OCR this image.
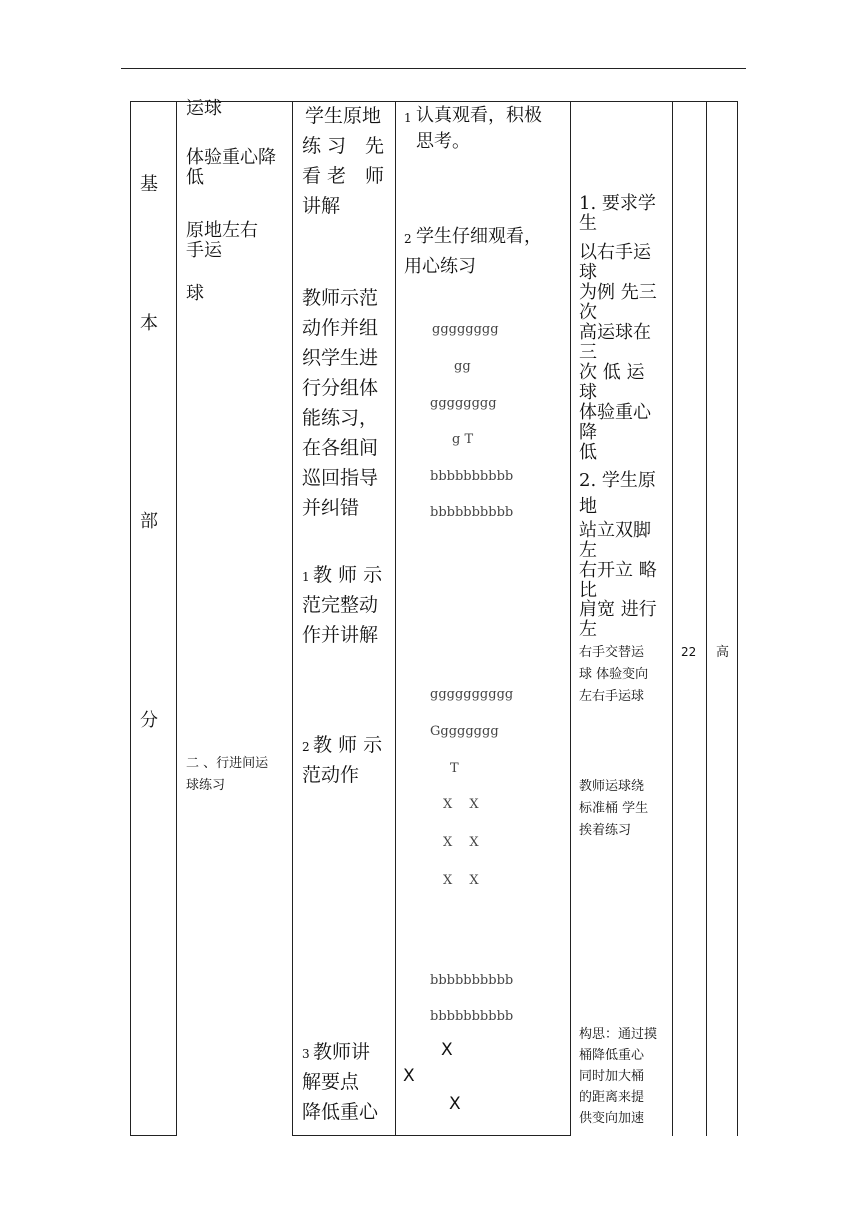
基
本
部
分
运球
体验重心降
低
原地左右
手运
球
二 、行进间运
球练习
学生原地
练 习　先
看 老　师
讲解
教师示范
动作并组
织学生进
行分组体
能练习，
在各组间
巡回指导
并纠错
1 教 师 示
范完整动
作并讲解
2 教 师 示
范动作
3 教师讲
解要点
降低重心
1 认真观看，积极
思考。
2 学生仔细观看，
用心练习
gggggggg
gg
gggggggg
g T
bbbbbbbbbb
bbbbbbbbbb
gggggggggg
Gggggggg
T
X　 X
X　 X
X　 X
bbbbbbbbbb
bbbbbbbbbb
X
X
X
1. 要求学
生
以右手运
球
为例 先三
次
高运球在
三
次 低 运
球
体验重心
降
低
2. 学生原
地
站立双脚
左
右开立 略
比
肩宽 进行
左
右手交替运
球 体验变向
左右手运球
教师运球绕
标准桶 学生
挨着练习
构思：通过摸
桶降低重心
同时加大桶
的距离来提
供变向加速
22 高
